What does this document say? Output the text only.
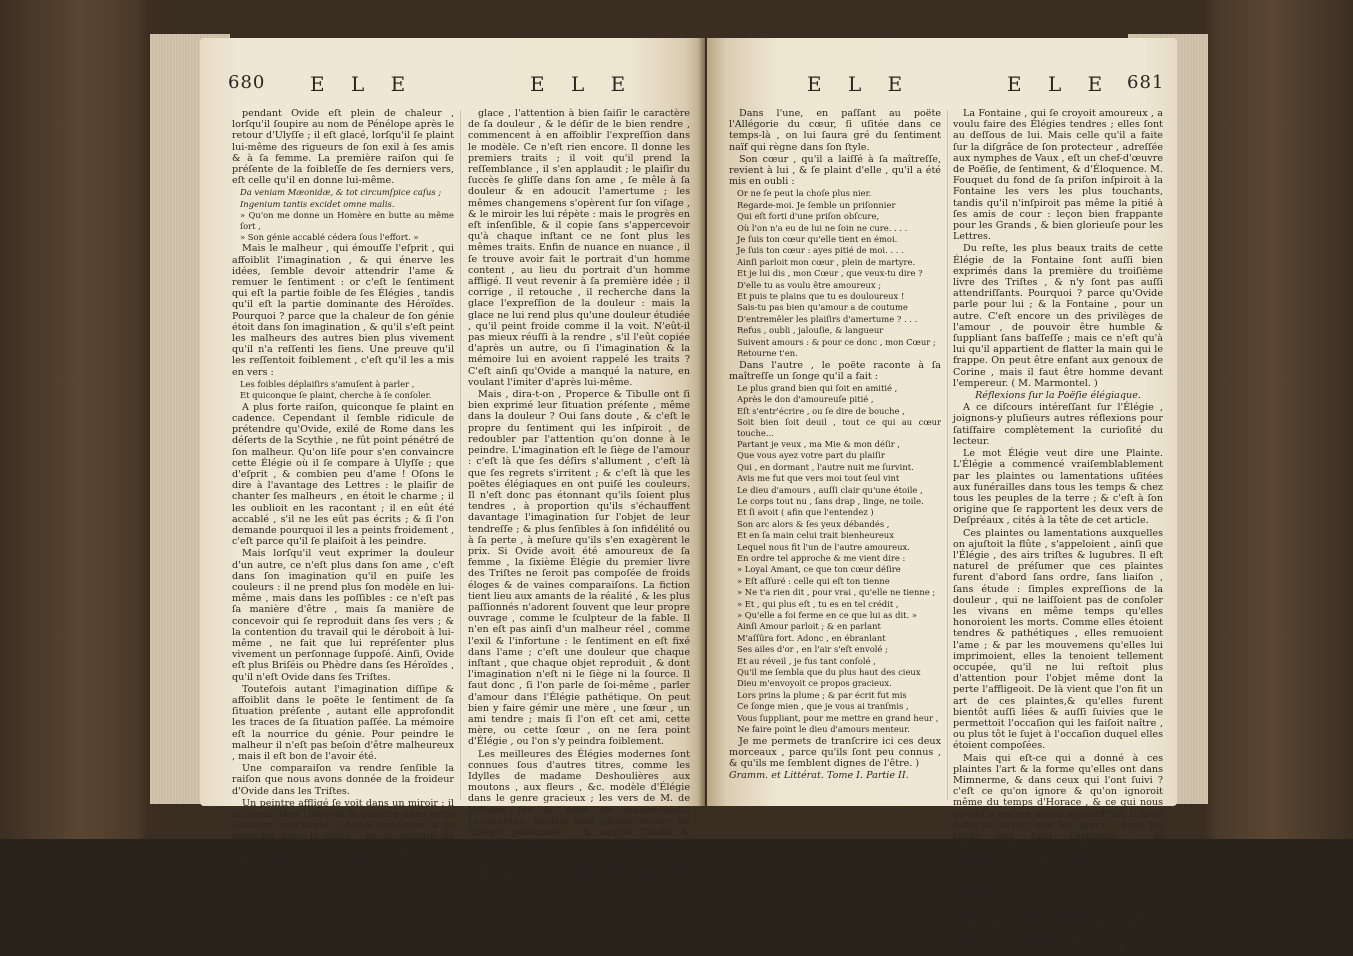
680 E L E	E L E

pendant Ovide eſt plein de chaleur , lorſqu'il ſoupire au nom de Pénélope après le retour d'Ulyſſe ; il eſt glacé, lorſqu'il ſe plaint lui-même des rigueurs de ſon exil à ſes amis & à ſa femme. La première raiſon qui ſe préſente de la foibleſſe de ſes derniers vers, eſt celle qu'il en donne lui-même.

Da veniam Mæonidæ, & tot circumſpice caſus ;

Ingenium tantis excidet omne malis.

» Qu'on me donne un Homère en butte au même ſort ,

» Son génie accablé cédera ſous l'effort. »

Mais le malheur , qui émouſſe l'eſprit , qui affoiblit l'imagination , & qui énerve les idées, ſemble devoir attendrir l'ame & remuer le ſentiment : or c'eſt le ſentiment qui eſt la partie foible de ſes Élégies , tandis qu'il eſt la partie dominante des Héroïdes. Pourquoi ? parce que la chaleur de ſon génie étoit dans ſon imagination , & qu'il s'eſt peint les malheurs des autres bien plus vivement qu'il n'a reſſenti les ſiens. Une preuve qu'il les reſſentoit foiblement , c'eſt qu'il les a mis en vers :

Les foibles déplaiſirs s'amuſent à parler ,

Et quiconque ſe plaint, cherche à ſe conſoler.

A plus forte raiſon, quiconque ſe plaint en cadence. Cependant il ſemble ridicule de prétendre qu'Ovide, exilé de Rome dans les déſerts de la Scythie , ne fût point pénétré de ſon malheur. Qu'on liſe pour s'en convaincre cette Élégie où il ſe compare à Ulyſſe ; que d'eſprit , & combien peu d'ame ! Oſons le dire à l'avantage des Lettres : le plaiſir de chanter ſes malheurs , en étoit le charme ; il les oublioit en les racontant ; il en eût été accablé , s'il ne les eût pas écrits ; & ſi l'on demande pourquoi il les a peints froidement , c'eſt parce qu'il ſe plaiſoit à les peindre.

Mais lorſqu'il veut exprimer la douleur d'un autre, ce n'eſt plus dans ſon ame , c'eſt dans ſon imagination qu'il en puiſe les couleurs : il ne prend plus ſon modèle en lui-même , mais dans les poſſibles : ce n'eſt pas ſa manière d'être , mais ſa manière de concevoir qui ſe reproduit dans ſes vers ; & la contention du travail qui le déroboit à lui-même , ne fait que lui repréſenter plus vivement un perſonnage ſuppoſé. Ainſi, Ovide eſt plus Briſéis ou Phèdre dans ſes Héroïdes , qu'il n'eſt Ovide dans ſes Triſtes.

Toutefois autant l'imagination diſſipe & affoiblit dans le poëte le ſentiment de ſa ſituation préſente , autant elle approfondit les traces de ſa ſituation paſſée. La mémoire eſt la nourrice du génie. Pour peindre le malheur il n'eſt pas beſoin d'être malheureux , mais il eſt bon de l'avoir été.

Une comparaiſon va rendre ſenſible la raiſon que nous avons donnée de la froideur d'Ovide dans les Triſtes.

Un peintre affligé ſe voit dans un miroir ; il lui vient dans l'idée de ſe peindre dans cette ſituation touchante ; doit-il continuer à ſe regarder dans la glace , ou ſe peindre de mémoire après s'être vu la première fois ? S'il continue de ſe voir dans la

glace , l'attention à bien ſaiſir le caractère de ſa douleur , & le déſir de le bien rendre , commencent à en affoiblir l'expreſſion dans le modèle. Ce n'eſt rien encore. Il donne les premiers traits ; il voit qu'il prend la reſſemblance , il s'en applaudit ; le plaiſir du ſuccès ſe gliſſe dans ſon ame , ſe mêle à ſa douleur & en adoucit l'amertume ; les mêmes changemens s'opèrent ſur ſon viſage , & le miroir les lui répète : mais le progrès en eſt inſenſible, & il copie ſans s'appercevoir qu'à chaque inſtant ce ne ſont plus les mêmes traits. Enfin de nuance en nuance , il ſe trouve avoir fait le portrait d'un homme content , au lieu du portrait d'un homme affligé. Il veut revenir à ſa première idée ; il corrige , il retouche , il recherche dans la glace l'expreſſion de la douleur : mais la glace ne lui rend plus qu'une douleur étudiée , qu'il peint froide comme il la voit. N'eût-il pas mieux réuſſi à la rendre , s'il l'eût copiée d'après un autre, ou ſi l'imagination & la mémoire lui en avoient rappelé les traits ? C'eſt ainſi qu'Ovide a manqué la nature, en voulant l'imiter d'après lui-même.

Mais , dira-t-on , Properce & Tibulle ont ſi bien exprimé leur ſituation préſente , même dans la douleur ? Oui ſans doute , & c'eſt le propre du ſentiment qui les inſpiroit , de redoubler par l'attention qu'on donne à le peindre. L'imagination eſt le ſiège de l'amour : c'eſt là que ſes déſirs s'allument , c'eſt là que ſes regrets s'irritent ; & c'eſt là que les poëtes élégiaques en ont puiſé les couleurs. Il n'eſt donc pas étonnant qu'ils ſoient plus tendres , à proportion qu'ils s'échauffent davantage l'imagination ſur l'objet de leur tendreſſe ; & plus ſenſibles à ſon infidélité ou à ſa perte , à meſure qu'ils s'en exagèrent le prix. Si Ovide avoit été amoureux de ſa femme , la ſixième Élégie du premier livre des Triſtes ne ſeroit pas compoſée de froids éloges & de vaines comparaiſons. La fiction tient lieu aux amants de la réalité , & les plus paſſionnés n'adorent ſouvent que leur propre ouvrage , comme le ſculpteur de la fable. Il n'en eſt pas ainſi d'un malheur réel , comme l'exil & l'infortune : le ſentiment en eſt fixé dans l'ame ; c'eſt une douleur que chaque inſtant , que chaque objet reproduit , & dont l'imagination n'eſt ni le ſiège ni la ſource. Il faut donc , ſi l'on parle de ſoi-même , parler d'amour dans l'Élégie pathétique. On peut bien y faire gémir une mère , une ſœur , un ami tendre ; mais ſi l'on eſt cet ami, cette mère, ou cette ſœur , on ne ſera point d'Élégie , ou l'on s'y peindra foiblement.

Les meilleures des Élégies modernes ſont connues ſous d'autres titres, comme les Idylles de madame Deshoulières aux moutons , aux fleurs , &c. modèle d'Élégie dans le genre gracieux ; les vers de M. de Voltaire ſur la mort de mademoiſelle Lecouvreur; modèle plus parfait encore de l'Élégie paſſionnée , & auquel Tibulle & Properce même n'ont peut-être rien à oppoſer , &c.

(¶ On retrouve quelque trace de l'Élégie ancienne dans la quatrième & la ſixième des Élégies de Marot.

Dans

E L E	E L E 681

Dans l'une, en paſſant au poëte l'Allégorie du cœur, ſi uſitée dans ce temps-là , on lui ſaura gré du ſentiment naïf qui règne dans ſon ſtyle.

Son cœur , qu'il a laiſſé à ſa maîtreſſe, revient à lui , & ſe plaint d'elle , qu'il a été mis en oubli :

Or ne ſe peut la choſe plus nier.

Regarde-moi. Je ſemble un priſonnier

Qui eſt forti d'une priſon obſcure,

Où l'on n'a eu de lui ne ſoin ne cure. . . .

Je ſuis ton cœur qu'elle tient en émoi.

Je ſuis ton cœur : ayes pitié de moi. . . .

Ainſi parloit mon cœur , plein de martyre.

Et je lui dis , mon Cœur , que veux-tu dire ?

D'elle tu as voulu être amoureux ;

Et puis te plains que tu es douloureux !

Sais-tu pas bien qu'amour a de coutume

D'entremêler les plaiſirs d'amertume ? . . .

Refus , oubli , jalouſie, & langueur

Suivent amours : & pour ce donc , mon Cœur ;

Retourne t'en.

Dans l'autre , le poëte raconte à ſa maîtreſſe un ſonge qu'il a fait :

Le plus grand bien qui ſoit en amitié ,

Après le don d'amoureuſe pitié ,

Eſt s'entr'écrire , ou ſe dire de bouche ,

Soit bien ſoit deuil , tout ce qui au cœur touche...

Partant je veux , ma Mie & mon déſir ,

Que vous ayez votre part du plaiſir

Qui , en dormant , l'autre nuit me ſurvint.

Avis me fut que vers moi tout ſeul vint

Le dieu d'amours , auſſi clair qu'une étoile ,

Le corps tout nu , ſans drap , linge, ne toile.

Et ſi avoit ( afin que l'entendez )

Son arc alors & ſes yeux débandés ,

Et en ſa main celui trait bienheureux

Lequel nous fit l'un de l'autre amoureux.

En ordre tel approche & me vient dire :

» Loyal Amant, ce que ton cœur déſire

» Eſt aſſuré : celle qui eſt ton tienne

» Ne t'a rien dit , pour vrai , qu'elle ne tienne ;

» Et , qui plus eſt , tu es en tel crédit ,

» Qu'elle a foi ferme en ce que lui as dit. »

Ainſi Amour parloit ; & en parlant

M'aſſûra fort. Adonc , en ébranlant

Ses ailes d'or , en l'air s'eſt envolé ;

Et au réveil , je fus tant conſolé ,

Qu'il me ſembla que du plus haut des cieux

Dieu m'envoyoit ce propos gracieux.

Lors prins la plume ; & par écrit fut mis

Ce ſonge mien , que je vous ai tranſmis ,

Vous ſuppliant, pour me mettre en grand heur ,

Ne faire point le dieu d'amours menteur.

Je me permets de tranſcrire ici ces deux morceaux , parce qu'ils ſont peu connus , & qu'ils me ſemblent dignes de l'être. )

Gramm. et Littérat. Tome I. Partie II.

La Fontaine , qui ſe croyoit amoureux , a voulu faire des Élégies tendres ; elles ſont au deſſous de lui. Mais celle qu'il a faite ſur la diſgrâce de ſon protecteur , adreſſée aux nymphes de Vaux , eſt un chef-d'œuvre de Poëſie, de ſentiment, & d'Éloquence. M. Fouquet du fond de ſa priſon inſpiroit à la Fontaine les vers les plus touchants, tandis qu'il n'inſpiroit pas même la pitié à ſes amis de cour : leçon bien frappante pour les Grands , & bien glorieuſe pour les Lettres.

Du reſte, les plus beaux traits de cette Élégie de la Fontaine ſont auſſi bien exprimés dans la première du troiſième livre des Triſtes , & n'y ſont pas auſſi attendriſſants. Pourquoi ? parce qu'Ovide parle pour lui ; & la Fontaine , pour un autre. C'eſt encore un des privilèges de l'amour , de pouvoir être humble & ſuppliant ſans baſſeſſe ; mais ce n'eſt qu'à lui qu'il appartient de flatter la main qui le frappe. On peut être enfant aux genoux de Corine , mais il faut être homme devant l'empereur. ( M. Marmontel. )

Réflexions ſur la Poëſie élégiaque.

A ce diſcours intéreſſant ſur l'Élégie , joignons-y pluſieurs autres réflexions pour ſatiſfaire complètement la curioſité du lecteur.

Le mot Élégie veut dire une Plainte. L'Élégie a commencé vraiſemblablement par les plaintes ou lamentations uſitées aux funérailles dans tous les temps & chez tous les peuples de la terre ; & c'eſt à ſon origine que ſe rapportent les deux vers de Deſpréaux , cités à la tête de cet article.

Ces plaintes ou lamentations auxquelles on ajuſtoit la flûte , s'appeloient , ainſi que l'Élégie , des airs triſtes & lugubres. Il eſt naturel de préſumer que ces plaintes furent d'abord ſans ordre, ſans liaiſon , ſans étude : ſimples expreſſions de la douleur , qui ne laiſſoient pas de conſoler les vivans en même temps qu'elles honoroient les morts. Comme elles étoient tendres & pathétiques , elles remuoient l'ame ; & par les mouvemens qu'elles lui imprimoient, elles la tenoient tellement occupée, qu'il ne lui reſtoit plus d'attention pour l'objet même dont la perte l'affligeoit. De là vient que l'on fit un art de ces plaintes,& qu'elles furent bientôt auſſi liées & auſſi ſuivies que le permettoit l'occaſion qui les faiſoit naître , ou plus tôt le ſujet à l'occaſion duquel elles étoient compoſées.

Mais qui eſt-ce qui a donné à ces plaintes l'art & la forme qu'elles ont dans Mimnerme, & dans ceux qui l'ont ſuivi ? c'eſt ce qu'on ignore & qu'on ignoroit même du temps d'Horace , & ce qui nous intéreſſe encore moins aujourd'hui. Il nous ſuffit de ſavoir que les grecs , dont les latins ont ſuivi l'exemple , ſe déterminèrent à compoſer leurs Poëſies plaintives , leurs Élégies , en vers pentamètres & hexamètres entrelacés : de là cette ſorte de vers a pris le nom d'Élégiaques.

Enſuite les poëtes, qui avoient employé cette meſure pour ſoupirer leurs peines , l'employèrent pour chanter leurs plaiſirs ; de là , par la bizarrerie de l'u-

R r r s
